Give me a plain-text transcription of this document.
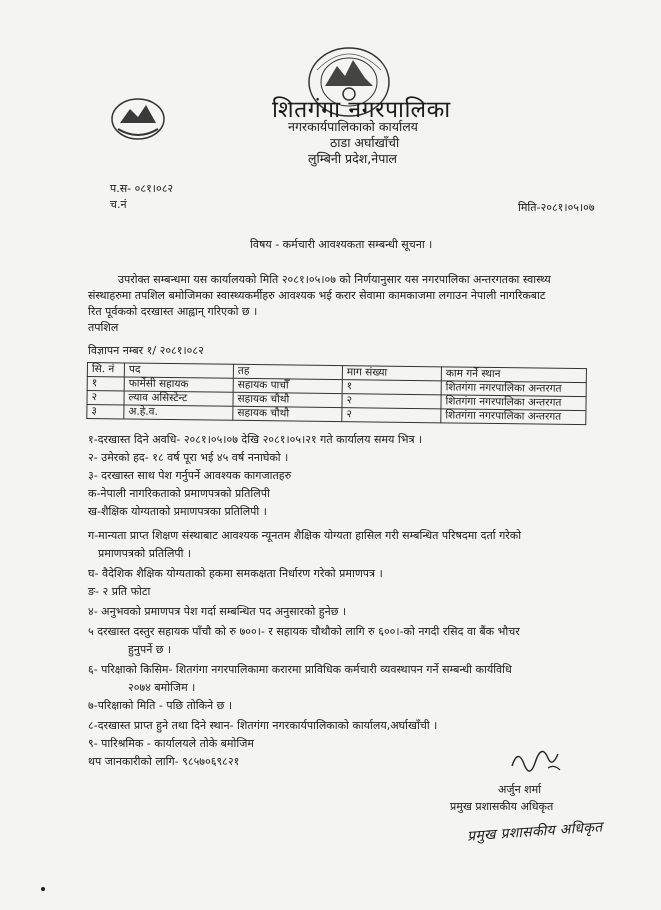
शितगंगा नगरपालिका
नगरकार्यपालिकाको कार्यालय
ठाडा अर्घाखाँची
लुम्बिनी प्रदेश,नेपाल
प.स- ०८१।०८२
च.नं	मिति-२०८१।०५।०७
विषय - कर्मचारी आवश्यकता सम्बन्धी सूचना ।
उपरोक्त सम्बन्धमा यस कार्यालयको मिति २०८१।०५।०७ को निर्णयानुसार यस नगरपालिका अन्तरगतका स्वास्थ्य
संस्थाहरुमा तपशिल बमोजिमका स्वास्थ्यकर्मीहरु आवश्यक भई करार सेवामा कामकाजमा लगाउन नेपाली नागरिकबाट
रित पूर्वकको दरखास्त आह्वान् गरिएको छ ।
तपशिल
विज्ञापन नम्बर १/ २०८१।०८२
सि. नं	पद	तह	माग संख्या	काम गर्ने स्थान
१	फार्मेसी सहायक	सहायक पाचौँ	१	शितगंगा नगरपालिका अन्तरगत
२	ल्याव असिस्टेन्ट	सहायक चौथौ	२	शितगंगा नगरपालिका अन्तरगत
३	अ.हे.व.	सहायक चौथौ	२	शितगंगा नगरपालिका अन्तरगत
१-दरखास्त दिने अवधि- २०८१।०५।०७ देखि २०८१।०५।२१ गते कार्यालय समय भित्र ।
२- उमेरको हद- १८ वर्ष पूरा भई ४५ वर्ष ननाघेको ।
३- दरखास्त साथ पेश गर्नुपर्ने आवश्यक कागजातहरु
क-नेपाली नागरिकताको प्रमाणपत्रको प्रतिलिपी
ख-शैक्षिक योग्यताको प्रमाणपत्रका प्रतिलिपी ।
ग-मान्यता प्राप्त शिक्षण संस्थाबाट आवश्यक न्यूनतम शैक्षिक योग्यता हासिल गरी सम्बन्धित परिषदमा दर्ता गरेको
प्रमाणपत्रको प्रतिलिपी ।
घ- वैदेशिक शैक्षिक योग्यताको हकमा समकक्षता निर्धारण गरेको प्रमाणपत्र ।
ङ- २ प्रति फोटा
४- अनुभवको प्रमाणपत्र पेश गर्दा सम्बन्धित पद अनुसारको हुनेछ ।
५ दरखास्त दस्तुर सहायक पाँचौ को रु ७००।- र सहायक चौथौको लागि रु ६००।-को नगदी रसिद वा बैंक भौचर
हुनुपर्ने छ ।
६- परिक्षाको किसिम- शितगंगा नगरपालिकामा करारमा प्राविधिक कर्मचारी व्यवस्थापन गर्ने सम्बन्धी कार्यविधि
२०७४ बमोजिम ।
७-परिक्षाको मिति - पछि तोकिने छ ।
८-दरखास्त प्राप्त हुने तथा दिने स्थान- शितगंगा नगरकार्यपालिकाको कार्यालय,अर्घाखाँची ।
९- पारिश्रमिक - कार्यालयले तोके बमोजिम
थप जानकारीको लागि- ९८५७०६९८२१
अर्जुन शर्मा
प्रमुख प्रशासकीय अधिकृत
प्रमुख प्रशासकीय अधिकृत
